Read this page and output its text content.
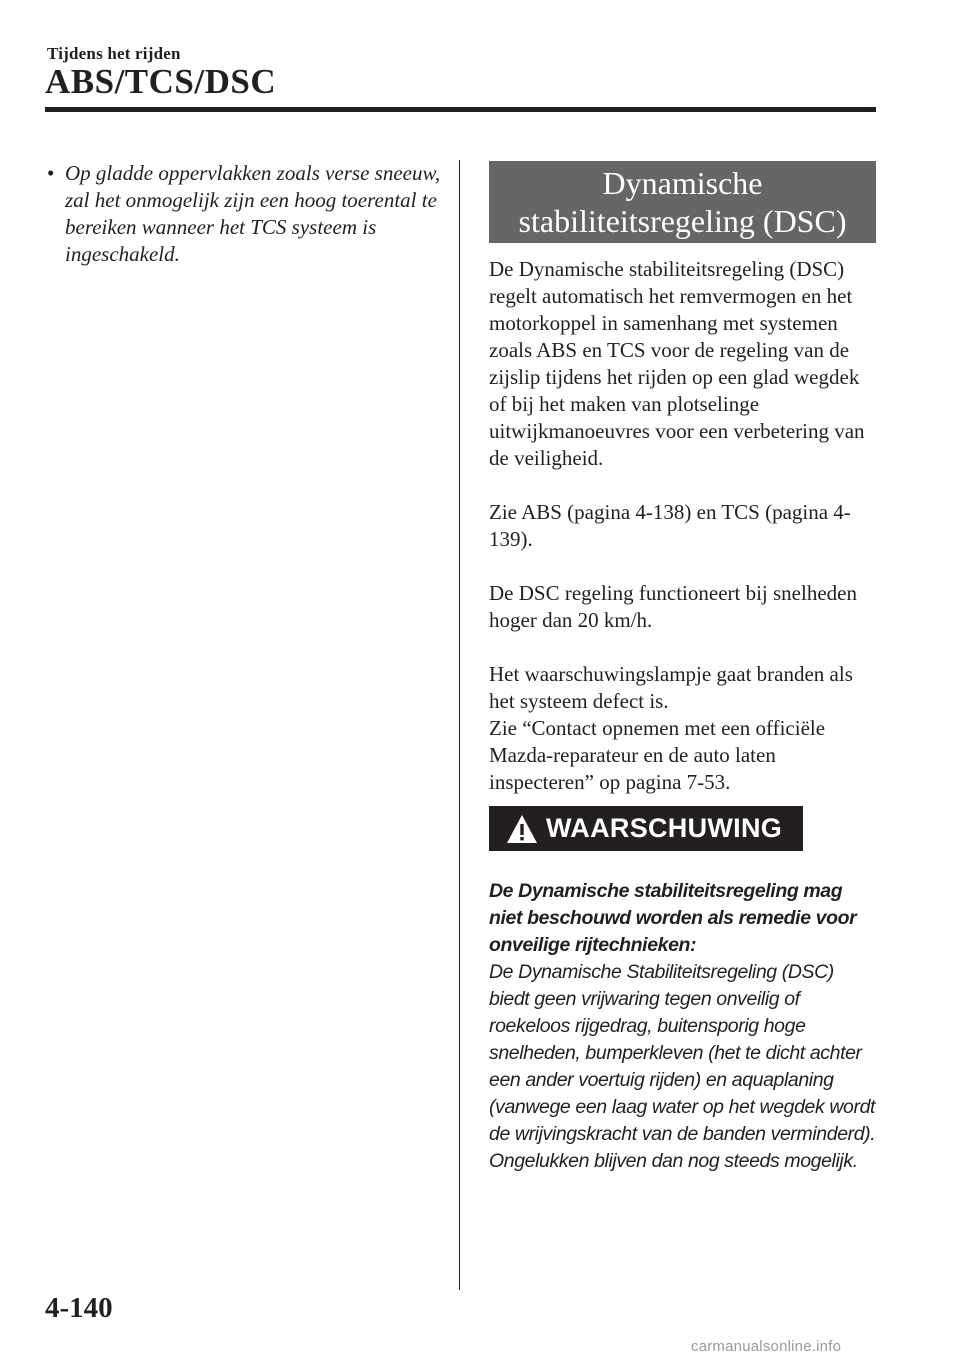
Tijdens het rijden
ABS/TCS/DSC
• Op gladde oppervlakken zoals verse sneeuw, zal het onmogelijk zijn een hoog toerental te bereiken wanneer het TCS systeem is ingeschakeld.
Dynamische
stabiliteitsregeling (DSC)

De Dynamische stabiliteitsregeling (DSC) regelt automatisch het remvermogen en het motorkoppel in samenhang met systemen zoals ABS en TCS voor de regeling van de zijslip tijdens het rijden op een glad wegdek of bij het maken van plotselinge uitwijkmanoeuvres voor een verbetering van de veiligheid.

Zie ABS (pagina 4-138) en TCS (pagina 4-139).

De DSC regeling functioneert bij snelheden hoger dan 20 km/h.

Het waarschuwingslampje gaat branden als het systeem defect is.

Zie “Contact opnemen met een officiële Mazda-reparateur en de auto laten inspecteren” op pagina 7-53.

WAARSCHUWING
De Dynamische stabiliteitsregeling mag niet beschouwd worden als remedie voor onveilige rijtechnieken:
De Dynamische Stabiliteitsregeling (DSC) biedt geen vrijwaring tegen onveilig of roekeloos rijgedrag, buitensporig hoge snelheden, bumperkleven (het te dicht achter een ander voertuig rijden) en aquaplaning (vanwege een laag water op het wegdek wordt de wrijvingskracht van de banden verminderd). Ongelukken blijven dan nog steeds mogelijk.
4-140
carmanualsonline.info
